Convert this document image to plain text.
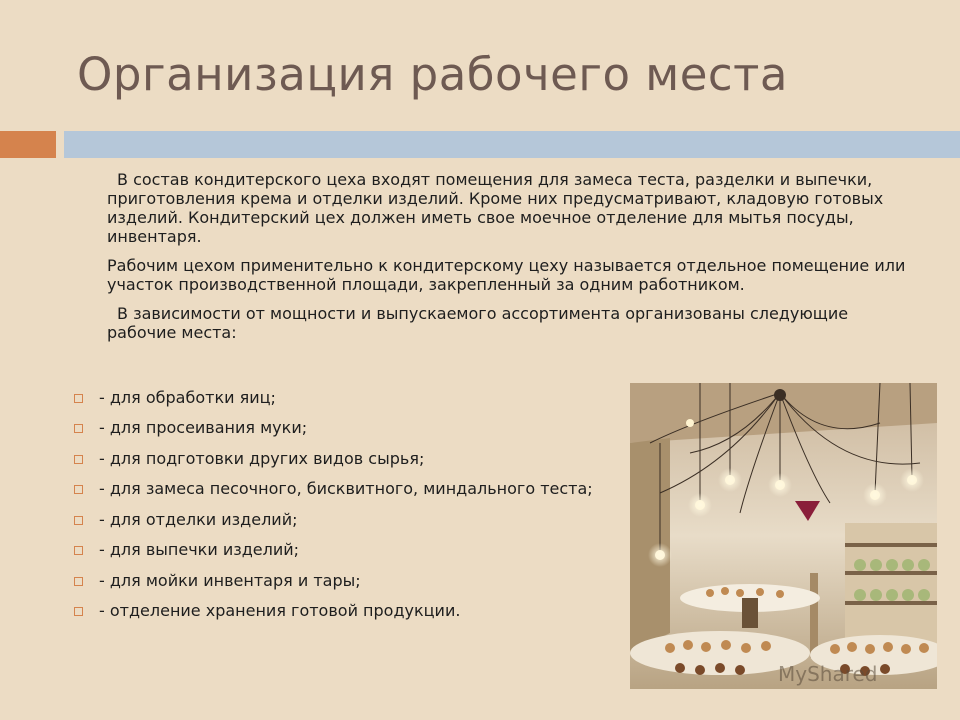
Организация рабочего места

В состав кондитерского цеха входят помещения для замеса теста, разделки и выпечки, приготовления крема и отделки изделий. Кроме них предусматривают, кладовую готовых изделий. Кондитерский цех должен иметь свое моечное отделение для мытья посуды, инвентаря.

Рабочим цехом применительно к кондитерскому цеху называется отдельное помещение или участок производственной площади, закрепленный за одним работником.

В зависимости от мощности и выпускаемого ассортимента организованы следующие рабочие места:

- для обработки яиц;
- для просеивания муки;
- для подготовки других видов сырья;
- для замеса песочного, бисквитного, миндального теста;
- для отделки изделий;
- для выпечки изделий;
- для мойки инвентаря и тары;
- отделение хранения готовой продукции.
MyShared
